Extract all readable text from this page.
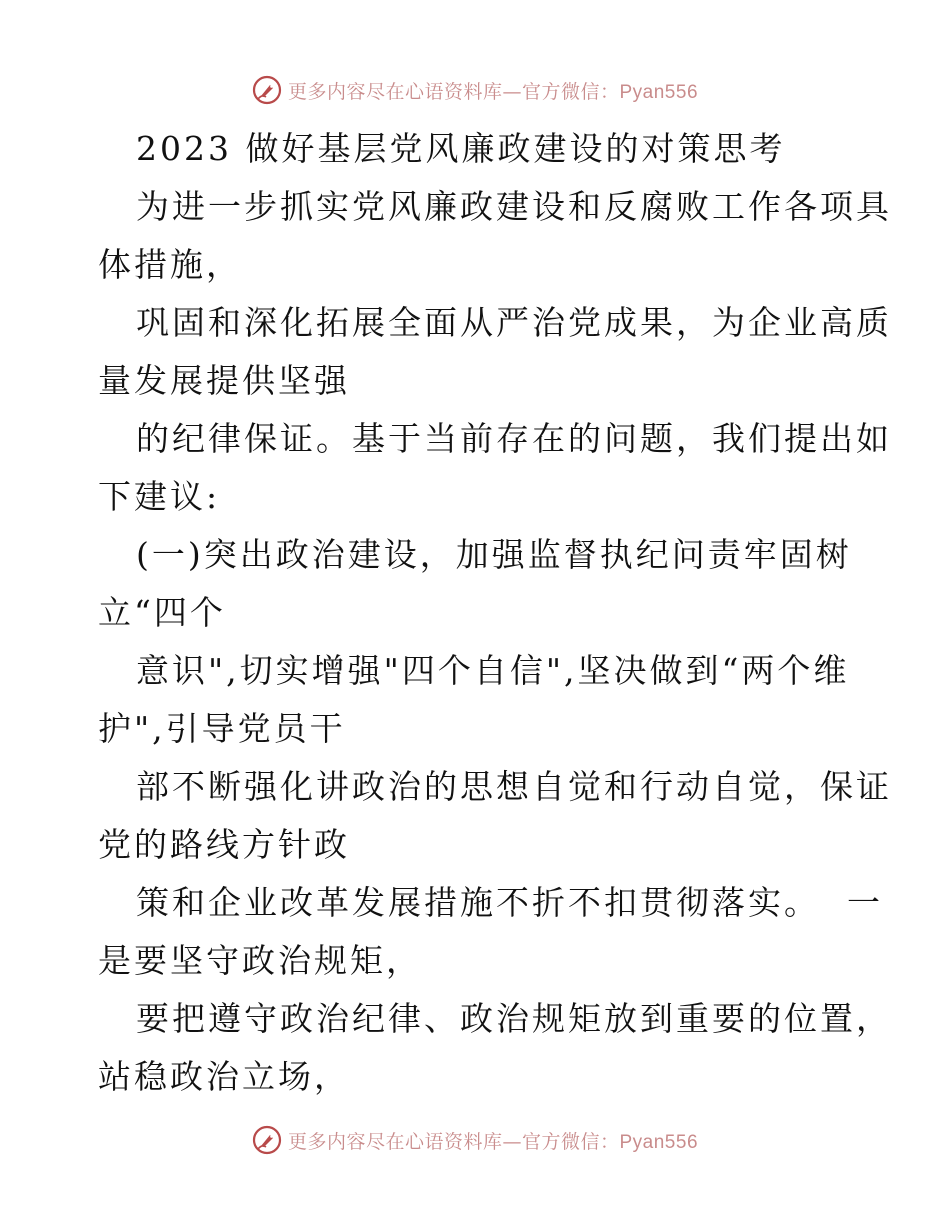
更多内容尽在心语资料库—官方微信：Pyan556
2023 做好基层党风廉政建设的对策思考
为进一步抓实党风廉政建设和反腐败工作各项具
体措施，
巩固和深化拓展全面从严治党成果，为企业高质
量发展提供坚强
的纪律保证。基于当前存在的问题，我们提出如
下建议:
(一)突出政治建设，加强监督执纪问责牢固树
立“四个
意识",切实增强"四个自信",坚决做到“两个维
护",引导党员干
部不断强化讲政治的思想自觉和行动自觉，保证
党的路线方针政
策和企业改革发展措施不折不扣贯彻落实。  一
是要坚守政治规矩，
要把遵守政治纪律、政治规矩放到重要的位置，
站稳政治立场，
更多内容尽在心语资料库—官方微信：Pyan556
